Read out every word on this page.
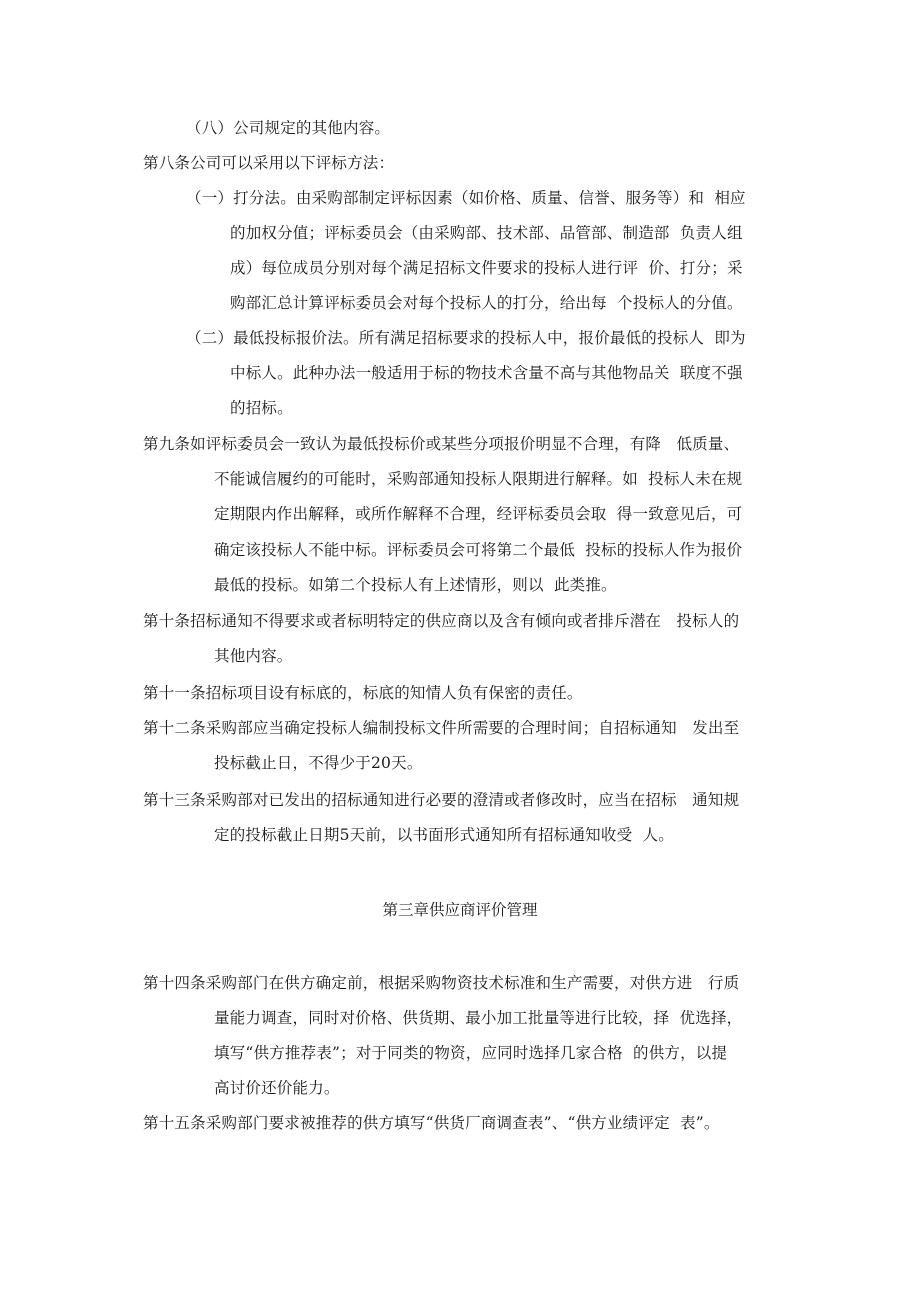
（八）公司规定的其他内容。
第八条公司可以采用以下评标方法：
（一）打分法。由采购部制定评标因素（如价格、质量、信誉、服务等）和  相应
的加权分值；评标委员会（由采购部、技术部、品管部、制造部  负责人组
成）每位成员分别对每个满足招标文件要求的投标人进行评  价、打分；采
购部汇总计算评标委员会对每个投标人的打分，给出每  个投标人的分值。
（二）最低投标报价法。所有满足招标要求的投标人中，报价最低的投标人  即为
中标人。此种办法一般适用于标的物技术含量不高与其他物品关  联度不强
的招标。
第九条如评标委员会一致认为最低投标价或某些分项报价明显不合理，有降   低质量、
不能诚信履约的可能时，采购部通知投标人限期进行解释。如  投标人未在规
定期限内作出解释，或所作解释不合理，经评标委员会取  得一致意见后，可
确定该投标人不能中标。评标委员会可将第二个最低  投标的投标人作为报价
最低的投标。如第二个投标人有上述情形，则以  此类推。
第十条招标通知不得要求或者标明特定的供应商以及含有倾向或者排斥潜在   投标人的
其他内容。
第十一条招标项目设有标底的，标底的知情人负有保密的责任。
第十二条采购部应当确定投标人编制投标文件所需要的合理时间；自招标通知   发出至
投标截止日，不得少于20天。
第十三条采购部对已发出的招标通知进行必要的澄清或者修改时，应当在招标   通知规
定的投标截止日期5天前，以书面形式通知所有招标通知收受  人。
第三章供应商评价管理
第十四条采购部门在供方确定前，根据采购物资技术标准和生产需要，对供方进   行质
量能力调查，同时对价格、供货期、最小加工批量等进行比较，择  优选择，
填写“供方推荐表”；对于同类的物资，应同时选择几家合格  的供方，以提
高讨价还价能力。
第十五条采购部门要求被推荐的供方填写“供货厂商调查表”、“供方业绩评定  表”。
